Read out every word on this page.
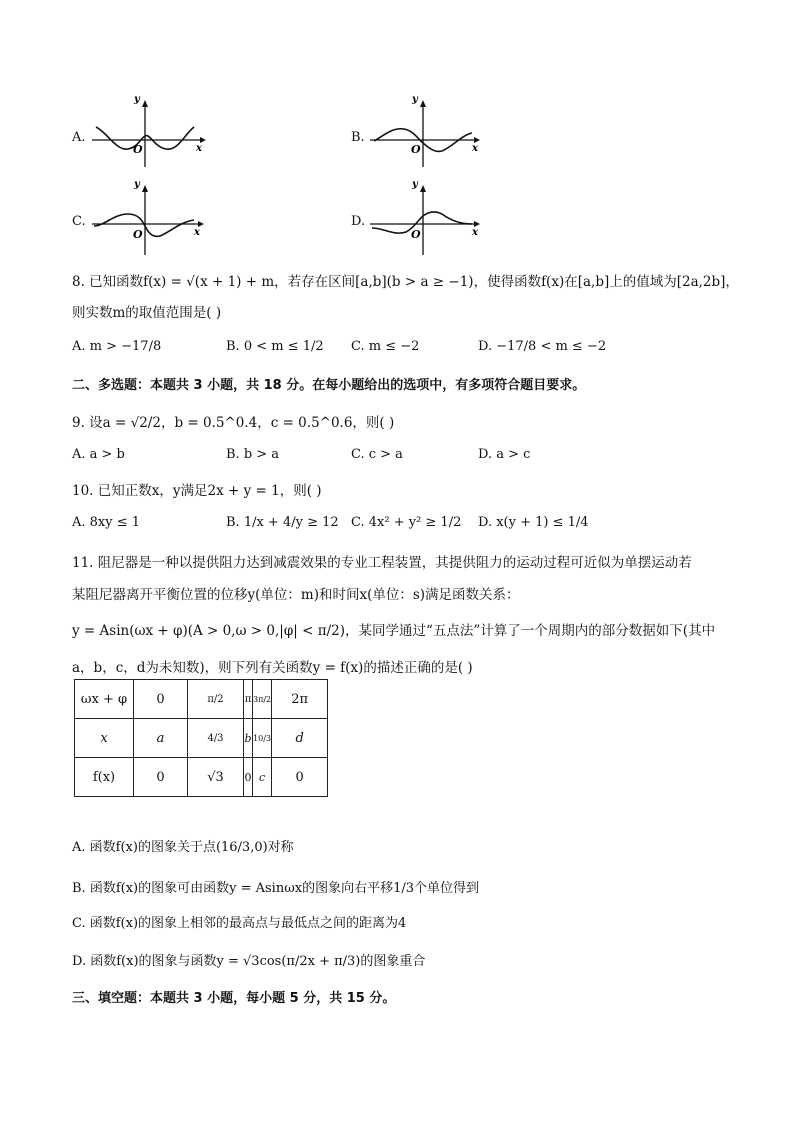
A.
y
O	x
B.
y
O	x
C.
y
O	x
D.
y
O	x
8. 已知函数f(x) = √(x + 1) + m，若存在区间[a,b](b > a ≥ −1)，使得函数f(x)在[a,b]上的值域为[2a,2b]，
则实数m的取值范围是( )
A. m > −17/8	B. 0 < m ≤ 1/2 C. m ≤ −2	D. −17/8 < m ≤ −2
二、多选题：本题共 3 小题，共 18 分。在每小题给出的选项中，有多项符合题目要求。
9. 设a = √2/2，b = 0.5^0.4，c = 0.5^0.6，则( )
A. a > b	B. b > a	C. c > a	D. a > c
10. 已知正数x，y满足2x + y = 1，则( )
A. 8xy ≤ 1	B. 1/x + 4/y ≥ 12 C. 4x² + y² ≥ 1/2 D. x(y + 1) ≤ 1/4
11. 阻尼器是一种以提供阻力达到减震效果的专业工程装置，其提供阻力的运动过程可近似为单摆运动若
某阻尼器离开平衡位置的位移y(单位：m)和时间x(单位：s)满足函数关系：
y = Asin(ωx + φ)(A > 0,ω > 0,|φ| < π/2)，某同学通过“五点法”计算了一个周期内的部分数据如下(其中
a，b，c，d为未知数)，则下列有关函数y = f(x)的描述正确的是( )
ωx + φ	0	π/2	π	3π/2	2π
x	a	4/3	b	10/3	d
f(x)	0	√3	0	c	0
A. 函数f(x)的图象关于点(16/3,0)对称
B. 函数f(x)的图象可由函数y = Asinωx的图象向右平移1/3个单位得到
C. 函数f(x)的图象上相邻的最高点与最低点之间的距离为4
D. 函数f(x)的图象与函数y = √3cos(π/2x + π/3)的图象重合
三、填空题：本题共 3 小题，每小题 5 分，共 15 分。
